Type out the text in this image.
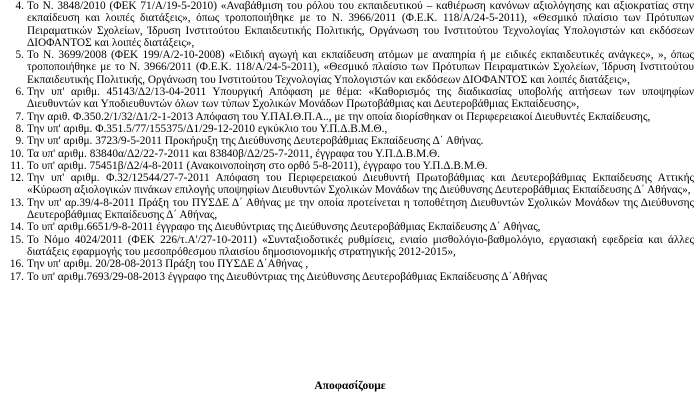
4. Το Ν. 3848/2010 (ΦΕΚ 71/Α/19-5-2010) «Αναβάθμιση του ρόλου του εκπαιδευτικού – καθιέρωση κανόνων αξιολόγησης και αξιοκρατίας στην εκπαίδευση και λοιπές διατάξεις», όπως τροποποιήθηκε με το Ν. 3966/2011 (Φ.Ε.Κ. 118/Α/24-5-2011), «Θεσμικό πλαίσιο των Πρότυπων Πειραματικών Σχολείων, Ίδρυση Ινστιτούτου Εκπαιδευτικής Πολιτικής, Οργάνωση του Ινστιτούτου Τεχνολογίας Υπολογιστών και εκδόσεων ΔΙΟΦΑΝΤΟΣ και λοιπές διατάξεις»,
5. Το Ν. 3699/2008 (ΦΕΚ 199/Α/2-10-2008) «Ειδική αγωγή και εκπαίδευση ατόμων με αναπηρία ή με ειδικές εκπαιδευτικές ανάγκες», », όπως τροποποιήθηκε με το Ν. 3966/2011 (Φ.Ε.Κ. 118/Α/24-5-2011), «Θεσμικό πλαίσιο των Πρότυπων Πειραματικών Σχολείων, Ίδρυση Ινστιτούτου Εκπαιδευτικής Πολιτικής, Οργάνωση του Ινστιτούτου Τεχνολογίας Υπολογιστών και εκδόσεων ΔΙΟΦΑΝΤΟΣ και λοιπές διατάξεις»,
6. Την υπ' αριθμ. 45143/Δ2/13-04-2011 Υπουργική Απόφαση με θέμα: «Καθορισμός της διαδικασίας υποβολής αιτήσεων των υποψηφίων Διευθυντών και Υποδιευθυντών όλων των τύπων Σχολικών Μονάδων Πρωτοβάθμιας και Δευτεροβάθμιας Εκπαίδευσης»,
7. Την αριθ. Φ.350.2/1/32/Δ1/2-1-2013 Απόφαση του Υ.ΠΑΙ.Θ.Π.Α.., με την οποία διορίσθηκαν οι Περιφερειακοί Διευθυντές Εκπαίδευσης,
8. Την υπ' αριθμ. Φ.351.5/77/155375/Δ1/29-12-2010 εγκύκλιο του Υ.Π.Δ.Β.Μ.Θ.,
9. Την υπ' αριθμ. 3723/9-5-2011 Προκήρυξη της Διεύθυνσης Δευτεροβάθμιας Εκπαίδευσης Δ΄ Αθήνας.
10. Τα υπ' αριθμ. 83840α/Δ2/22-7-2011 και 83840β/Δ2/25-7-2011, έγγραφα του Υ.Π.Δ.Β.Μ.Θ.
11. Το υπ' αριθμ. 75451β/Δ2/4-8-2011 (Ανακοινοποίηση στο ορθό 5-8-2011), έγγραφο του Υ.Π.Δ.Β.Μ.Θ.
12. Την υπ' αριθμ. Φ.32/12544/27-7-2011 Απόφαση του Περιφερειακού Διευθυντή Πρωτοβάθμιας και Δευτεροβάθμιας Εκπαίδευσης Αττικής «Κύρωση αξιολογικών πινάκων επιλογής υποψηφίων Διευθυντών Σχολικών Μονάδων της Διεύθυνσης Δευτεροβάθμιας Εκπαίδευσης Δ΄ Αθήνας»,
13. Την υπ' αρ.39/4-8-2011 Πράξη του ΠΥΣΔΕ Δ΄ Αθήνας με την οποία προτείνεται η τοποθέτηση Διευθυντών Σχολικών Μονάδων της Διεύθυνσης Δευτεροβάθμιας Εκπαίδευσης Δ΄ Αθήνας,
14. Το υπ' αριθμ.6651/9-8-2011 έγγραφο της Διευθύντριας της Διεύθυνσης Δευτεροβάθμιας Εκπαίδευσης Δ΄ Αθήνας,
15. Το Νόμο 4024/2011 (ΦΕΚ 226/τ.Α'/27-10-2011) «Συνταξιοδοτικές ρυθμίσεις, ενιαίο μισθολόγιο-βαθμολόγιο, εργασιακή εφεδρεία και άλλες διατάξεις εφαρμογής του μεσοπρόθεσμου πλαισίου δημοσιονομικής στρατηγικής 2012-2015»,
16. Την υπ' αριθμ. 20/28-08-2013 Πράξη του ΠΥΣΔΕ Δ΄Αθήνας ,
17. Το υπ' αριθμ.7693/29-08-2013 έγγραφο της Διευθύντριας της Διεύθυνσης Δευτεροβάθμιας Εκπαίδευσης Δ΄Αθήνας
Αποφασίζουμε
